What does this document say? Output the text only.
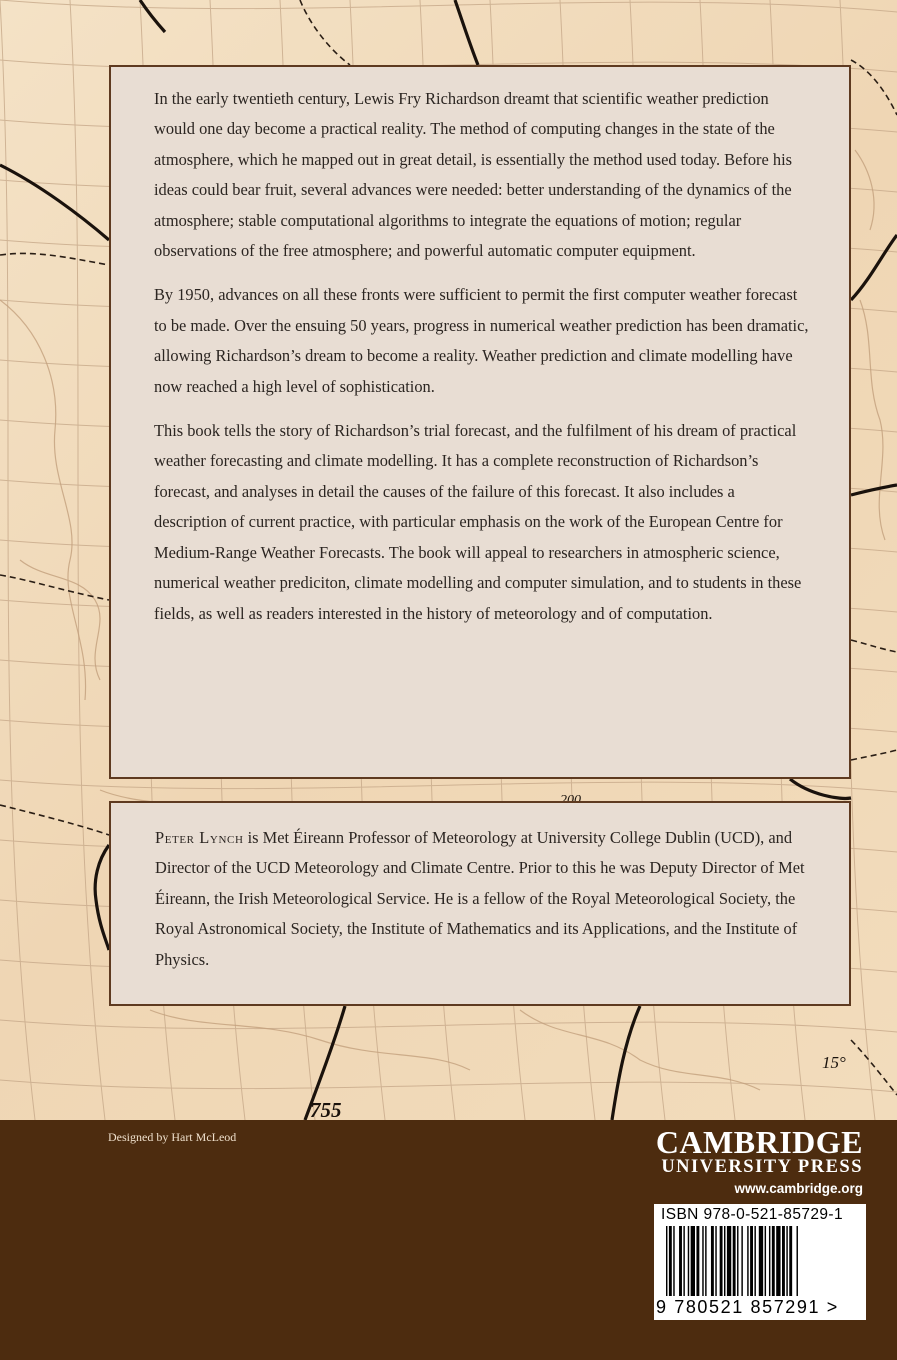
755
15°

In the early twentieth century, Lewis Fry Richardson dreamt that scientific weather prediction would one day become a practical reality. The method of computing changes in the state of the atmosphere, which he mapped out in great detail, is essentially the method used today. Before his ideas could bear fruit, several advances were needed: better understanding of the dynamics of the atmosphere; stable computational algorithms to integrate the equations of motion; regular observations of the free atmosphere; and powerful automatic computer equipment.

By 1950, advances on all these fronts were sufficient to permit the first computer weather forecast to be made. Over the ensuing 50 years, progress in numerical weather prediction has been dramatic, allowing Richardson’s dream to become a reality. Weather prediction and climate modelling have now reached a high level of sophistication.

This book tells the story of Richardson’s trial forecast, and the fulfilment of his dream of practical weather forecasting and climate modelling. It has a complete reconstruction of Richardson’s forecast, and analyses in detail the causes of the failure of this forecast. It also includes a description of current practice, with particular emphasis on the work of the European Centre for Medium-Range Weather Forecasts. The book will appeal to researchers in atmospheric science, numerical weather prediciton, climate modelling and computer simulation, and to students in these fields, as well as readers interested in the history of meteorology and of computation.

Peter Lynch is Met Éireann Professor of Meteorology at University College Dublin (UCD), and Director of the UCD Meteorology and Climate Centre. Prior to this he was Deputy Director of Met Éireann, the Irish Meteorological Service. He is a fellow of the Royal Meteorological Society, the Royal Astronomical Society, the Institute of Mathematics and its Applications, and the Institute of Physics.

Designed by Hart McLeod	CAMBRIDGE
UNIVERSITY PRESS
www.cambridge.org
ISBN 978-0-521-85729-1
9 780521 857291 >
